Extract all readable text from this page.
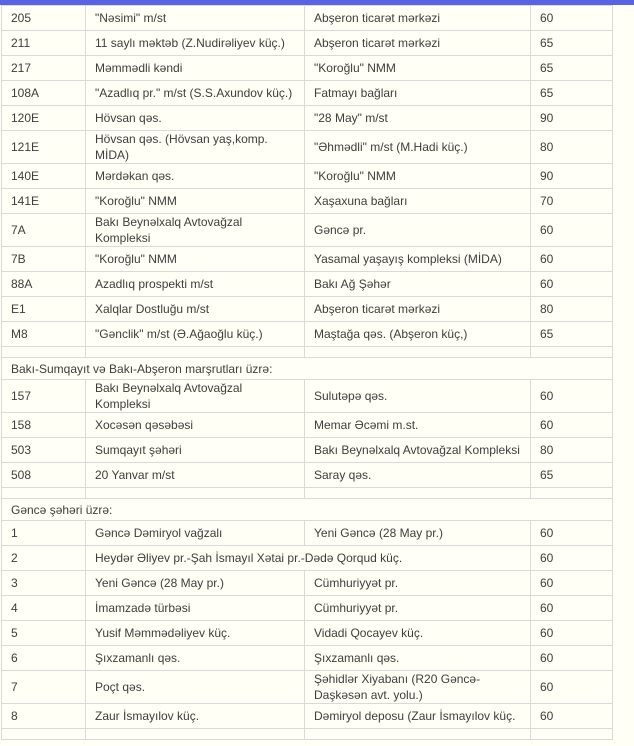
205	"Nəsimi" m/st	Abşeron ticarət mərkəzi	60
211	11 saylı məktəb (Z.Nudirəliyev küç.)	Abşeron ticarət mərkəzi	65
217	Məmmədli kəndi	"Koroğlu" NMM	65
108A	"Azadlıq pr." m/st (S.S.Axundov küç.)	Fatmayı bağları	65
120E	Hövsan qəs.	"28 May" m/st	90
121E	Hövsan qəs. (Hövsan yaş,komp. MİDA)	"Əhmədli" m/st (M.Hadi küç.)	80
140E	Mərdəkan qəs.	"Koroğlu" NMM	90
141E	"Koroğlu" NMM	Xaşaxuna bağları	70
7A	Bakı Beynəlxalq Avtovağzal Kompleksi	Gəncə pr.	60
7B	"Koroğlu" NMM	Yasamal yaşayış kompleksi (MİDA)	60
88A	Azadlıq prospekti m/st	Bakı Ağ Şəhər	60
E1	Xalqlar Dostluğu m/st	Abşeron ticarət mərkəzi	80
M8	"Gənclik" m/st (Ə.Ağaoğlu küç.)	Maştağa qəs. (Abşeron küç,)	65

Bakı-Sumqayıt və Bakı-Abşeron marşrutları üzrə:			
157	Bakı Beynəlxalq Avtovağzal Kompleksi	Sulutəpə qəs.	60
158	Xocəsən qəsəbəsi	Memar Əcəmi m.st.	60
503	Sumqayıt şəhəri	Bakı Beynəlxalq Avtovağzal Kompleksi	80
508	20 Yanvar m/st	Saray qəs.	65

Gəncə şəhəri üzrə:			
1	Gəncə Dəmiryol vağzalı	Yeni Gəncə (28 May pr.)	60
2	Heydər Əliyev pr.-Şah İsmayıl Xətai pr.-Dədə Qorqud küç.		60
3	Yeni Gəncə (28 May pr.)	Cümhuriyyət pr.	60
4	İmamzadə türbəsi	Cümhuriyyət pr.	60
5	Yusif Məmmədəliyev küç.	Vidadi Qocayev küç.	60
6	Şıxzamanlı qəs.	Şıxzamanlı qəs.	60
7	Poçt qəs.	Şəhidlər Xiyabanı (R20 Gəncə-Daşkəsən avt. yolu.)	60
8	Zaur İsmayılov küç.	Dəmiryol deposu (Zaur İsmayılov küç.	60
